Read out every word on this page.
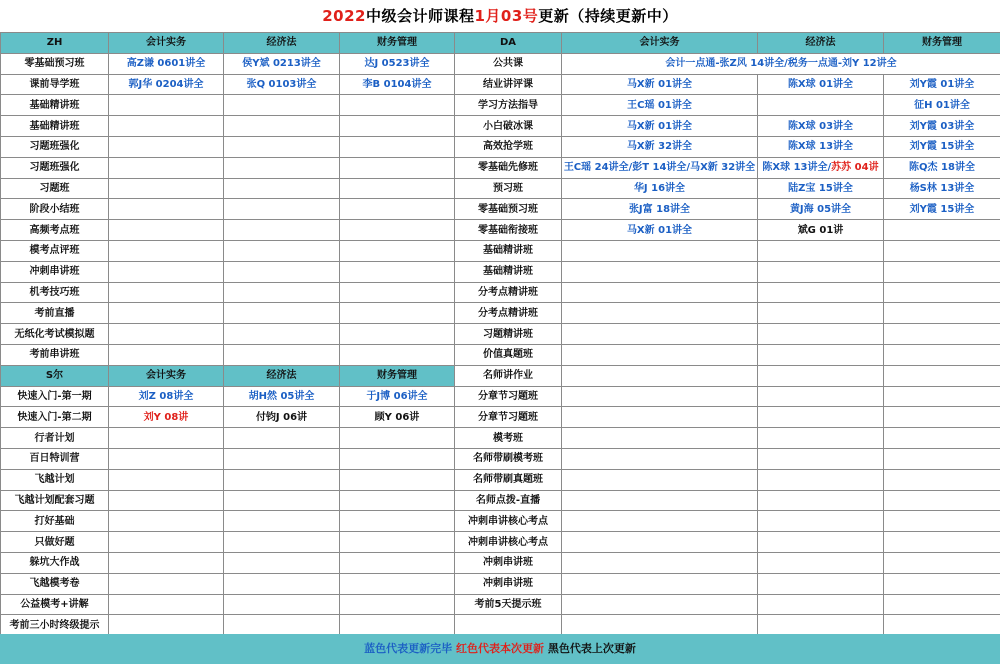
2022中级会计师课程1月03号更新（持续更新中）
ZH	会计实务	经济法	财务管理
零基础预习班	高Z谦 0601讲全	侯Y斌 0213讲全	达J 0523讲全
课前导学班	郭J华 0204讲全	张Q 0103讲全	李B 0104讲全
基础精讲班			
基础精讲班			
习题班强化			
习题班强化			
习题班			
阶段小结班			
高频考点班			
模考点评班			
冲刺串讲班			
机考技巧班			
考前直播			
无纸化考试模拟题			
考前串讲班			
S尔	会计实务	经济法	财务管理
快速入门-第一期	刘Z 08讲全	胡H然 05讲全	于J博 06讲全
快速入门-第二期	刘Y 08讲	付钧J 06讲	顾Y 06讲
行者计划			
百日特训营			
飞越计划			
飞越计划配套习题			
打好基础			
只做好题			
躲坑大作战			
飞越模考卷			
公益模考+讲解			
考前三小时终级提示			
DA	会计实务	经济法	财务管理
公共课	会计一点通-张Z风 14讲全/税务一点通-刘Y 12讲全		
结业讲评课	马X新 01讲全	陈X球 01讲全	刘Y霞 01讲全
学习方法指导	王C瑶 01讲全		征H 01讲全
小白破冰课	马X新 01讲全	陈X球 03讲全	刘Y霞 03讲全
高效抢学班	马X新 32讲全	陈X球 13讲全	刘Y霞 15讲全
零基础先修班	王C瑶 24讲全/彭T 14讲全/马X新 32讲全	陈X球 13讲全/苏苏 04讲	陈Q杰 18讲全
预习班	华J 16讲全	陆Z宝 15讲全	杨S林 13讲全
零基础预习班	张J富 18讲全	黄J海 05讲全	刘Y霞 15讲全
零基础衔接班	马X新 01讲全	斌G 01讲	
基础精讲班			
基础精讲班			
分考点精讲班			
分考点精讲班			
习题精讲班			
价值真题班			
名师讲作业			
分章节习题班			
分章节习题班			
模考班			
名师带刷模考班			
名师带刷真题班			
名师点拨-直播			
冲刺串讲核心考点			
冲刺串讲核心考点			
冲刺串讲班			
冲刺串讲班			
考前5天提示班			

蓝色代表更新完毕 红色代表本次更新 黑色代表上次更新
